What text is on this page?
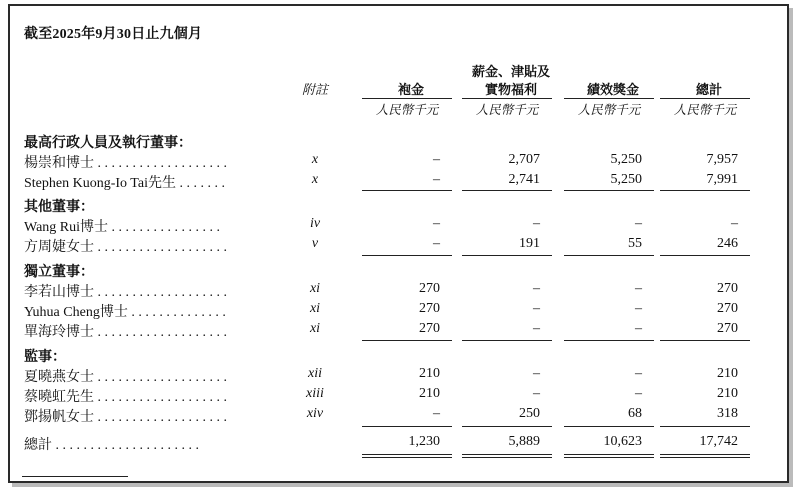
截至2025年9月30日止九個月
附註	袍金
薪金、津貼及
實物福利	績效獎金	總計
人民幣千元	人民幣千元	人民幣千元	人民幣千元
最高行政人員及執行董事：
楊崇和博士 . . . . . . . . . . . . . . . . . . .	x	–	2,707	5,250	7,957
Stephen Kuong-Io Tai先生 . . . . . . .	x	–	2,741	5,250	7,991
其他董事：
Wang Rui博士 . . . . . . . . . . . . . . . .	iv	–	–	–	–
方周婕女士 . . . . . . . . . . . . . . . . . . .	v	–	191	55	246
獨立董事：
李若山博士 . . . . . . . . . . . . . . . . . . .	xi	270	–	–	270
Yuhua Cheng博士 . . . . . . . . . . . . . .	xi	270	–	–	270
單海玲博士 . . . . . . . . . . . . . . . . . . .	xi	270	–	–	270
監事：
夏曉燕女士 . . . . . . . . . . . . . . . . . . .	xii	210	–	–	210
蔡曉虹先生 . . . . . . . . . . . . . . . . . . .	xiii	210	–	–	210
鄧揚帆女士 . . . . . . . . . . . . . . . . . . .	xiv	–	250	68	318
總計 . . . . . . . . . . . . . . . . . . . . .	1,230	5,889	10,623	17,742
